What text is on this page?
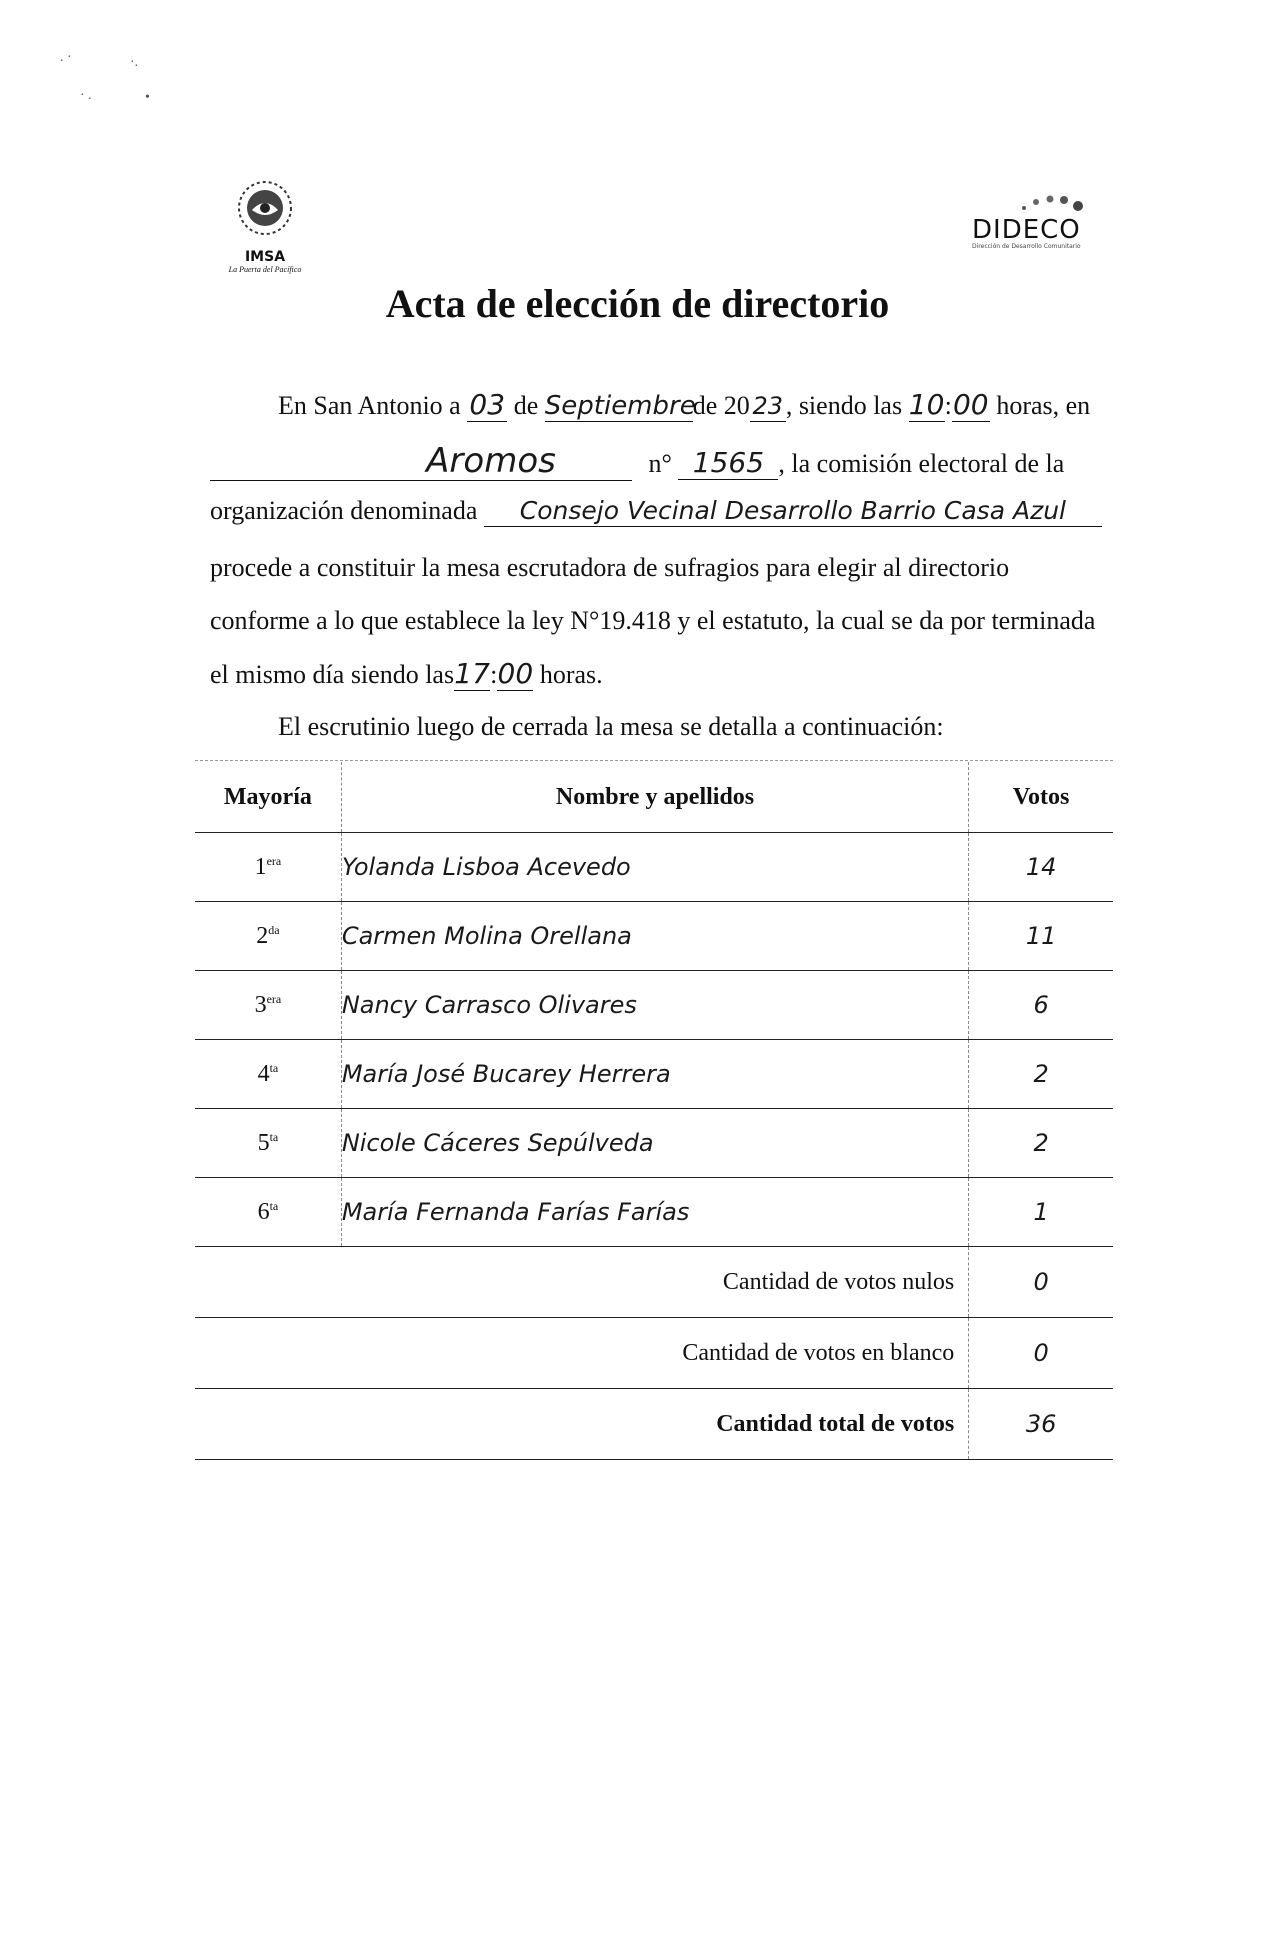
. ·	·.
· .	•
IMSA
La Puerta del Pacífico
DIDECO
Dirección de Desarrollo Comunitario
Acta de elección de directorio
En San Antonio a 03 de Septiembrede 20 23 , siendo las 10:00 horas, en
Aromos	n° 1565 , la comisión electoral de la
organización denominada Consejo Vecinal Desarrollo Barrio Casa Azul
procede a constituir la mesa escrutadora de sufragios para elegir al directorio
conforme a lo que establece la ley N°19.418 y el estatuto, la cual se da por terminada
el mismo día siendo las17:00 horas.
El escrutinio luego de cerrada la mesa se detalla a continuación:
Mayoría	Nombre y apellidos	Votos
$1^{era}$	Yolanda Lisboa Acevedo	14
$2^{da}$	Carmen Molina Orellana	11
$3^{era}$	Nancy Carrasco Olivares	6
$4^{ta}$	María José Bucarey Herrera	2
$5^{ta}$	Nicole Cáceres Sepúlveda	2
$6^{ta}$	María Fernanda Farías Farías	1
Cantidad de votos nulos		0
Cantidad de votos en blanco		0
Cantidad total de votos		36
